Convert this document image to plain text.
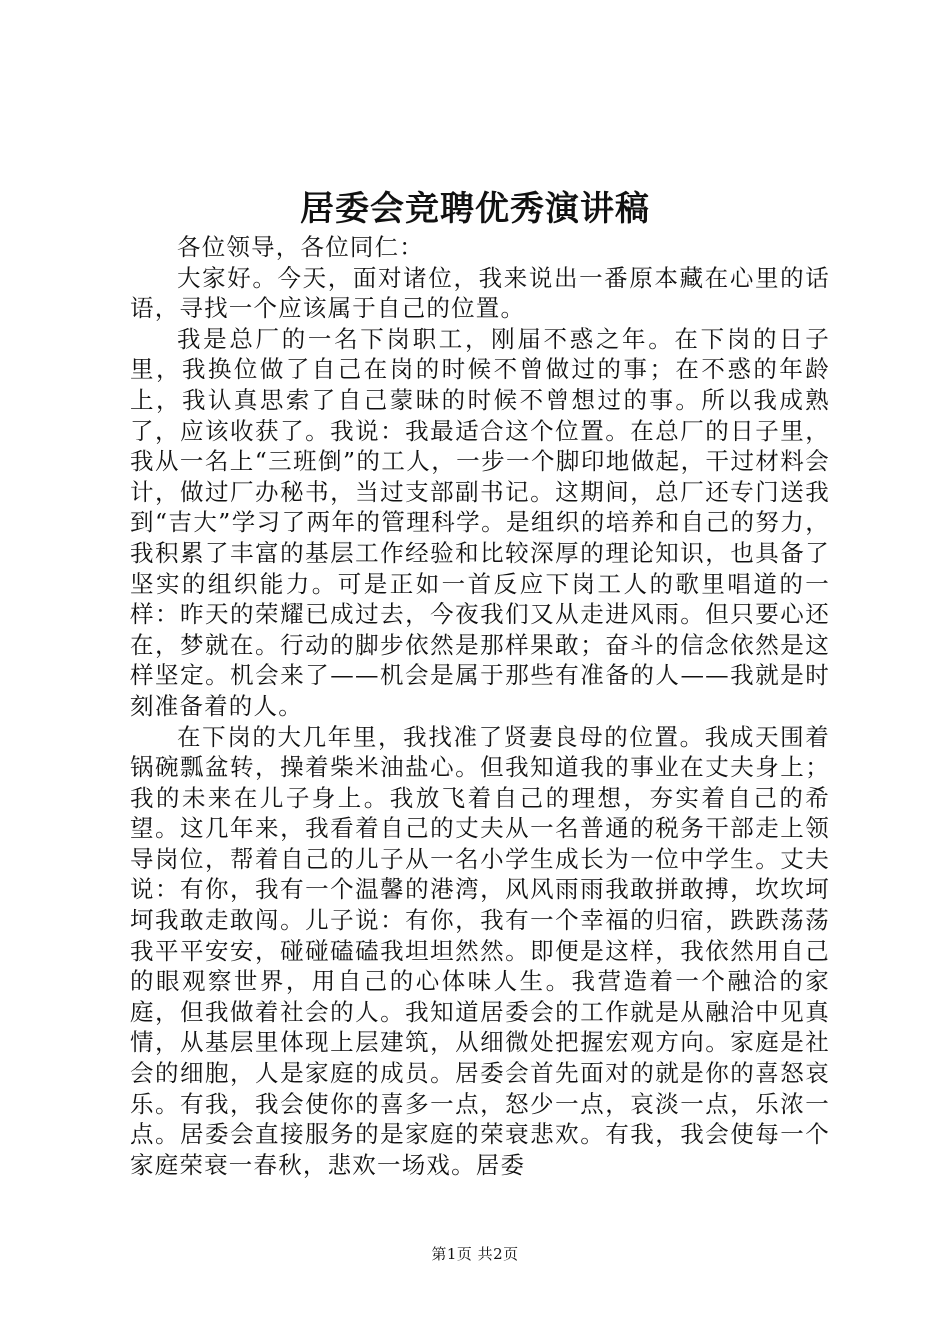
居委会竞聘优秀演讲稿

各位领导，各位同仁：

大家好。今天，面对诸位，我来说出一番原本藏在心里的话语，寻找一个应该属于自己的位置。

我是总厂的一名下岗职工，刚届不惑之年。在下岗的日子里，我换位做了自己在岗的时候不曾做过的事；在不惑的年龄上，我认真思索了自己蒙昧的时候不曾想过的事。所以我成熟了，应该收获了。我说：我最适合这个位置。在总厂的日子里，我从一名上“三班倒”的工人，一步一个脚印地做起，干过材料会计，做过厂办秘书，当过支部副书记。这期间，总厂还专门送我到“吉大”学习了两年的管理科学。是组织的培养和自己的努力，我积累了丰富的基层工作经验和比较深厚的理论知识，也具备了坚实的组织能力。可是正如一首反应下岗工人的歌里唱道的一样：昨天的荣耀已成过去，今夜我们又从走进风雨。但只要心还在，梦就在。行动的脚步依然是那样果敢；奋斗的信念依然是这样坚定。机会来了——机会是属于那些有准备的人——我就是时刻准备着的人。

在下岗的大几年里，我找准了贤妻良母的位置。我成天围着锅碗瓢盆转，操着柴米油盐心。但我知道我的事业在丈夫身上；我的未来在儿子身上。我放飞着自己的理想，夯实着自己的希望。这几年来，我看着自己的丈夫从一名普通的税务干部走上领导岗位，帮着自己的儿子从一名小学生成长为一位中学生。丈夫说：有你，我有一个温馨的港湾，风风雨雨我敢拼敢搏，坎坎坷坷我敢走敢闯。儿子说：有你，我有一个幸福的归宿，跌跌荡荡我平平安安，碰碰磕磕我坦坦然然。即便是这样，我依然用自己的眼观察世界，用自己的心体味人生。我营造着一个融洽的家庭，但我做着社会的人。我知道居委会的工作就是从融洽中见真情，从基层里体现上层建筑，从细微处把握宏观方向。家庭是社会的细胞，人是家庭的成员。居委会首先面对的就是你的喜怒哀乐。有我，我会使你的喜多一点，怒少一点，哀淡一点，乐浓一点。居委会直接服务的是家庭的荣衰悲欢。有我，我会使每一个家庭荣衰一春秋，悲欢一场戏。居委

第1页 共2页
